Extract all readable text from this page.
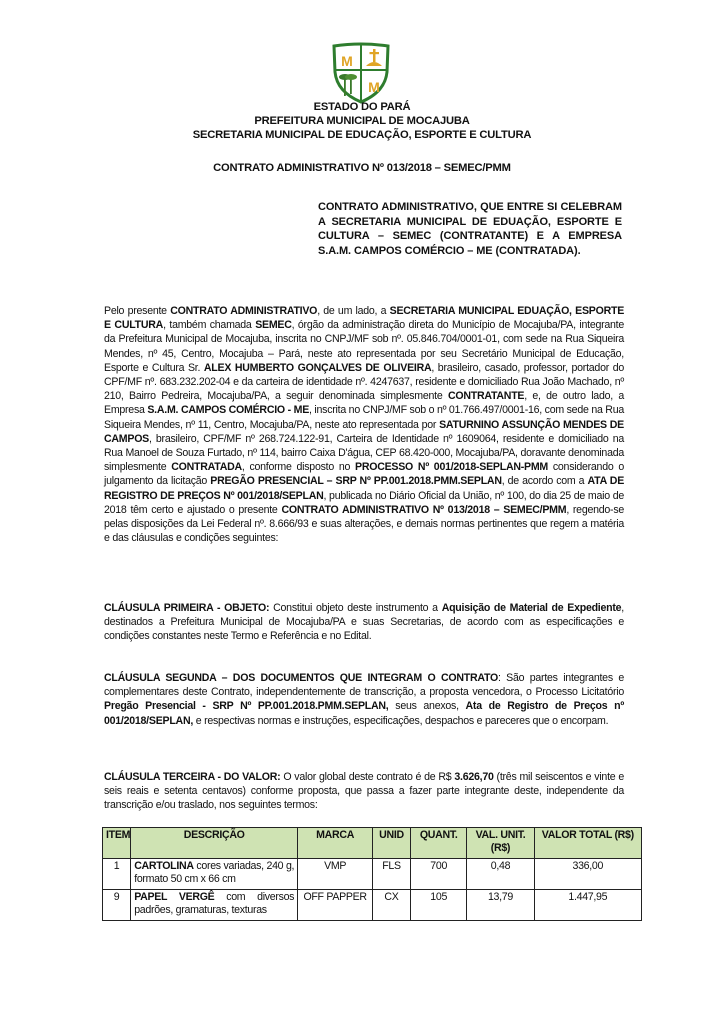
M
M
ESTADO DO PARÁ
PREFEITURA MUNICIPAL DE MOCAJUBA
SECRETARIA MUNICIPAL DE EDUCAÇÃO, ESPORTE E CULTURA
CONTRATO ADMINISTRATIVO Nº 013/2018 – SEMEC/PMM
CONTRATO ADMINISTRATIVO, QUE ENTRE SI CELEBRAM A SECRETARIA MUNICIPAL DE EDUAÇÃO, ESPORTE E CULTURA – SEMEC (CONTRATANTE) E A EMPRESA S.A.M. CAMPOS COMÉRCIO – ME (CONTRATADA).
Pelo presente CONTRATO ADMINISTRATIVO, de um lado, a SECRETARIA MUNICIPAL EDUAÇÃO, ESPORTE E CULTURA, também chamada SEMEC, órgão da administração direta do Município de Mocajuba/PA, integrante da Prefeitura Municipal de Mocajuba, inscrita no CNPJ/MF sob nº. 05.846.704/0001-01, com sede na Rua Siqueira Mendes, nº 45, Centro, Mocajuba – Pará, neste ato representada por seu Secretário Municipal de Educação, Esporte e Cultura Sr. ALEX HUMBERTO GONÇALVES DE OLIVEIRA, brasileiro, casado, professor, portador do CPF/MF nº. 683.232.202-04 e da carteira de identidade nº. 4247637, residente e domiciliado Rua João Machado, nº 210, Bairro Pedreira, Mocajuba/PA, a seguir denominada simplesmente CONTRATANTE, e, de outro lado, a Empresa S.A.M. CAMPOS COMÉRCIO - ME, inscrita no CNPJ/MF sob o nº 01.766.497/0001-16, com sede na Rua Siqueira Mendes, nº 11, Centro, Mocajuba/PA, neste ato representada por SATURNINO ASSUNÇÃO MENDES DE CAMPOS, brasileiro, CPF/MF nº 268.724.122-91, Carteira de Identidade nº 1609064, residente e domiciliado na Rua Manoel de Souza Furtado, nº 114, bairro Caixa D'água, CEP 68.420-000, Mocajuba/PA, doravante denominada simplesmente CONTRATADA, conforme disposto no PROCESSO Nº 001/2018-SEPLAN-PMM considerando o julgamento da licitação PREGÃO PRESENCIAL – SRP Nº PP.001.2018.PMM.SEPLAN, de acordo com a ATA DE REGISTRO DE PREÇOS Nº 001/2018/SEPLAN, publicada no Diário Oficial da União, nº 100, do dia 25 de maio de 2018 têm certo e ajustado o presente CONTRATO ADMINISTRATIVO Nº 013/2018 – SEMEC/PMM, regendo-se pelas disposições da Lei Federal nº. 8.666/93 e suas alterações, e demais normas pertinentes que regem a matéria e das cláusulas e condições seguintes:
CLÁUSULA PRIMEIRA - OBJETO: Constitui objeto deste instrumento a Aquisição de Material de Expediente, destinados a Prefeitura Municipal de Mocajuba/PA e suas Secretarias, de acordo com as especificações e condições constantes neste Termo e Referência e no Edital.
CLÁUSULA SEGUNDA – DOS DOCUMENTOS QUE INTEGRAM O CONTRATO: São partes integrantes e complementares deste Contrato, independentemente de transcrição, a proposta vencedora, o Processo Licitatório Pregão Presencial - SRP Nº PP.001.2018.PMM.SEPLAN, seus anexos, Ata de Registro de Preços nº 001/2018/SEPLAN, e respectivas normas e instruções, especificações, despachos e pareceres que o encorpam.
CLÁUSULA TERCEIRA - DO VALOR: O valor global deste contrato é de R$ 3.626,70 (três mil seiscentos e vinte e seis reais e setenta centavos) conforme proposta, que passa a fazer parte integrante deste, independente da transcrição e/ou traslado, nos seguintes termos:
ITEM	DESCRIÇÃO	MARCA	UNID	QUANT.	VAL. UNIT. (R$)	VALOR TOTAL (R$)
1	CARTOLINA cores variadas, 240 g, formato 50 cm x 66 cm	VMP	FLS	700	0,48	336,00
9	PAPEL VERGÊ com diversos padrões, gramaturas, texturas	OFF PAPPER	CX	105	13,79	1.447,95
